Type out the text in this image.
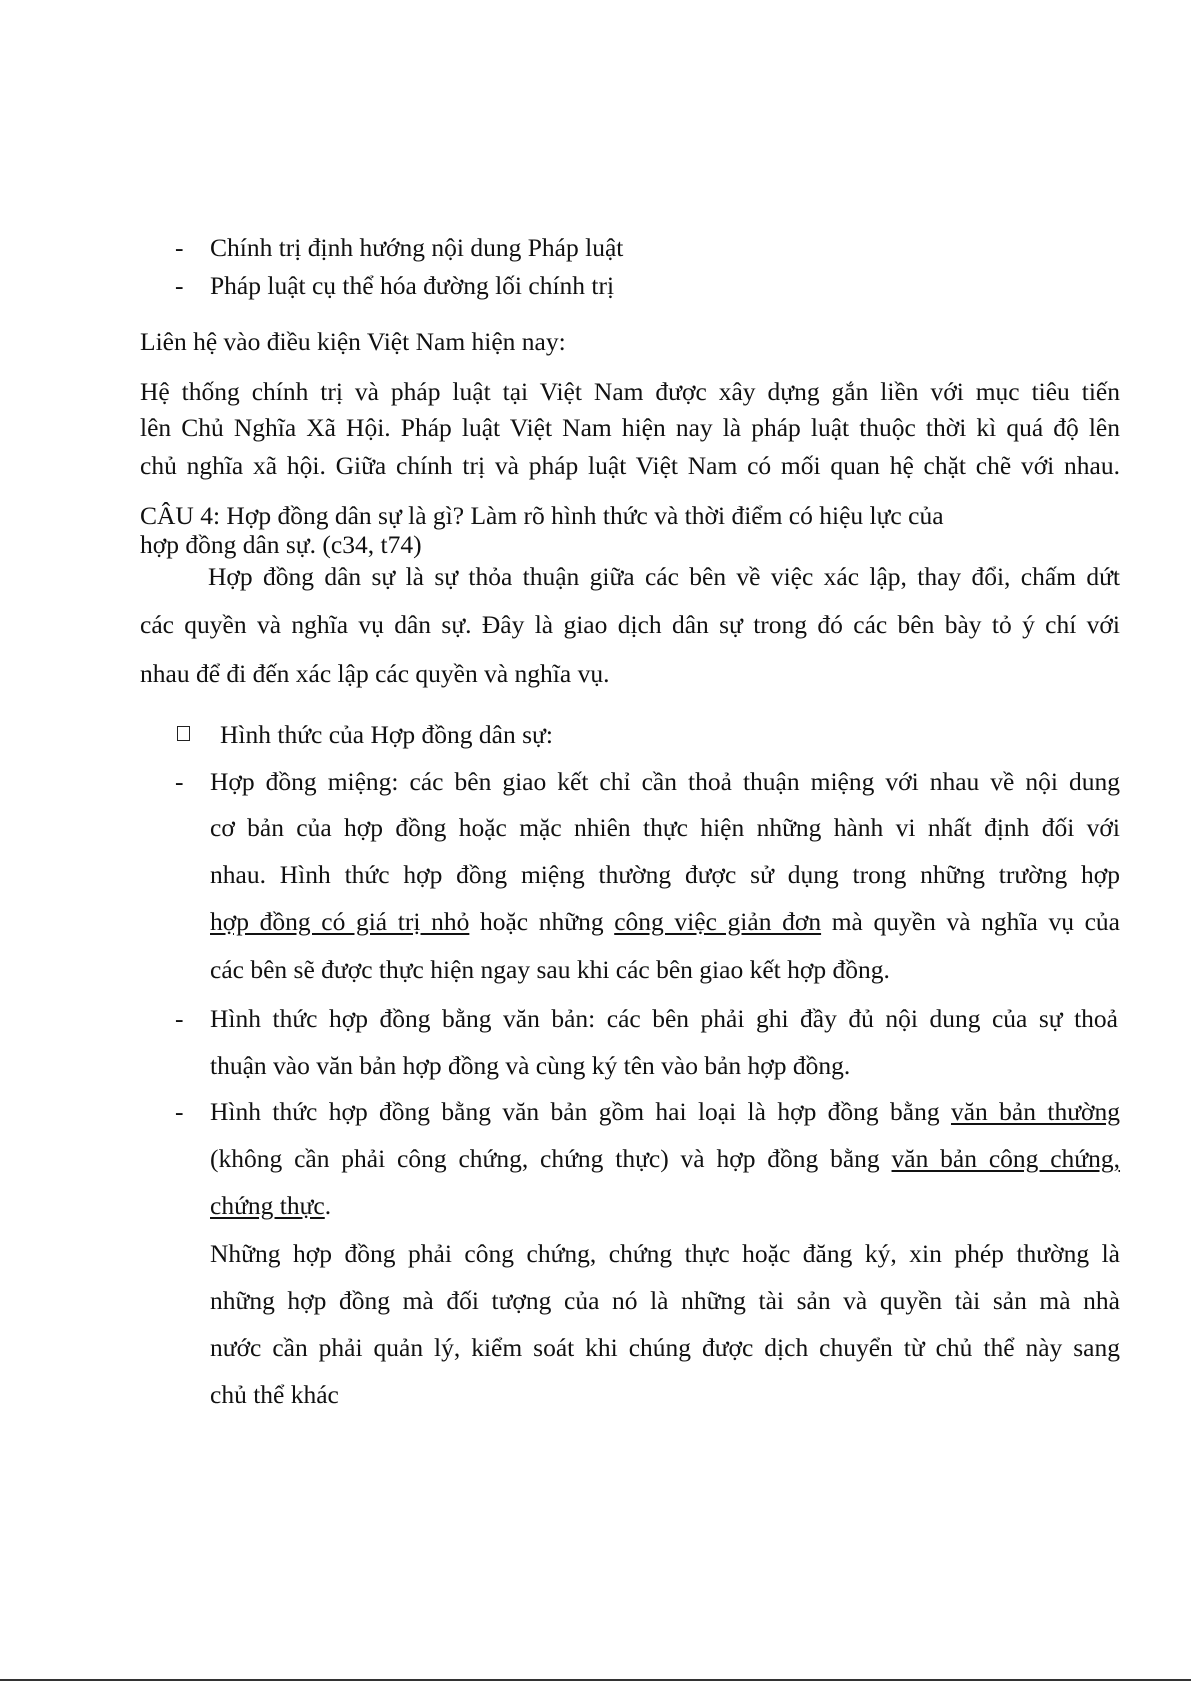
- Chính trị định hướng nội dung Pháp luật
- Pháp luật cụ thể hóa đường lối chính trị
Liên hệ vào điều kiện Việt Nam hiện nay:
Hệ thống chính trị và pháp luật tại Việt Nam được xây dựng gắn liền với mục tiêu tiến
lên Chủ Nghĩa Xã Hội. Pháp luật Việt Nam hiện nay là pháp luật thuộc thời kì quá độ lên
chủ nghĩa xã hội. Giữa chính trị và pháp luật Việt Nam có mối quan hệ chặt chẽ với nhau.
CÂU 4: Hợp đồng dân sự là gì? Làm rõ hình thức và thời điểm có hiệu lực của
hợp đồng dân sự. (c34, t74)
Hợp đồng dân sự là sự thỏa thuận giữa các bên về việc xác lập, thay đổi, chấm dứt
các quyền và nghĩa vụ dân sự. Đây là giao dịch dân sự trong đó các bên bày tỏ ý chí với
nhau để đi đến xác lập các quyền và nghĩa vụ.
Hình thức của Hợp đồng dân sự:
- Hợp đồng miệng: các bên giao kết chỉ cần thoả thuận miệng với nhau về nội dung
cơ bản của hợp đồng hoặc mặc nhiên thực hiện những hành vi nhất định đối với
nhau. Hình thức hợp đồng miệng thường được sử dụng trong những trường hợp
hợp đồng có giá trị nhỏ hoặc những công việc giản đơn mà quyền và nghĩa vụ của
các bên sẽ được thực hiện ngay sau khi các bên giao kết hợp đồng.
- Hình thức hợp đồng bằng văn bản: các bên phải ghi đầy đủ nội dung của sự thoả
thuận vào văn bản hợp đồng và cùng ký tên vào bản hợp đồng.
- Hình thức hợp đồng bằng văn bản gồm hai loại là hợp đồng bằng văn bản thường
(không cần phải công chứng, chứng thực) và hợp đồng bằng văn bản công chứng,
chứng thực.
Những hợp đồng phải công chứng, chứng thực hoặc đăng ký, xin phép thường là
những hợp đồng mà đối tượng của nó là những tài sản và quyền tài sản mà nhà
nước cần phải quản lý, kiểm soát khi chúng được dịch chuyển từ chủ thể này sang
chủ thể khác
